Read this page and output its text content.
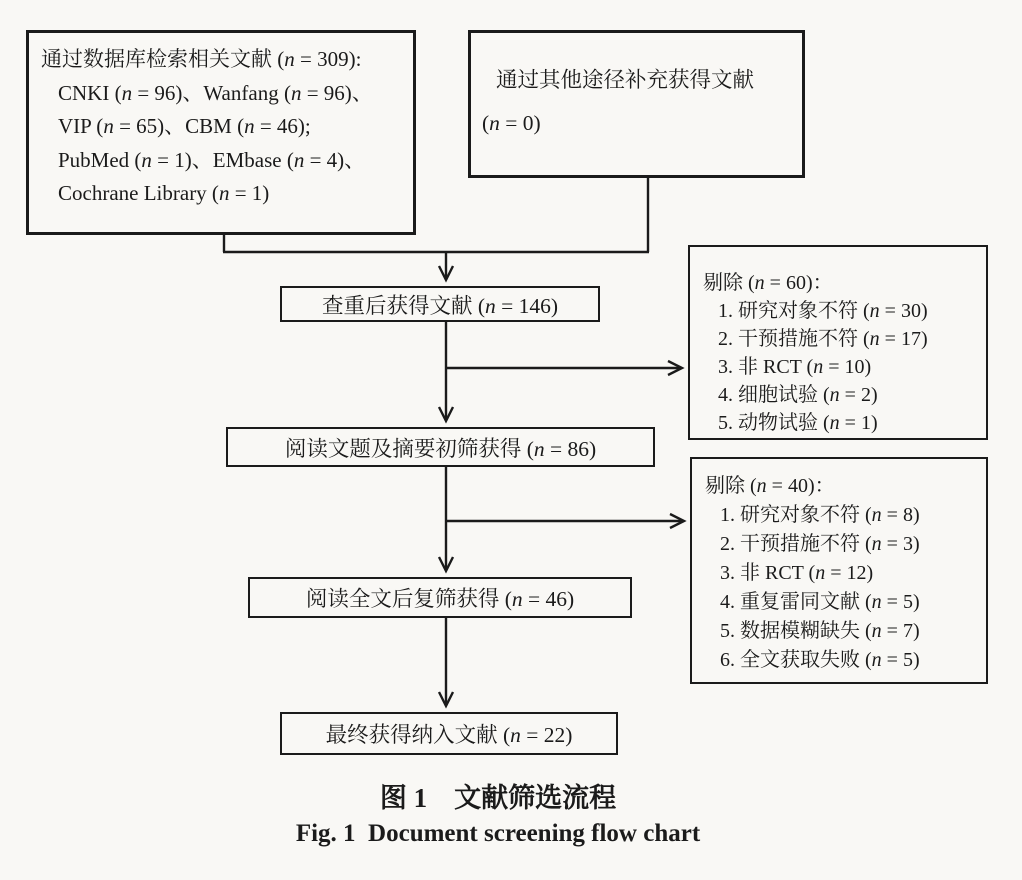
通过数据库检索相关文献 (n = 309):
CNKI (n = 96)、Wanfang (n = 96)、
VIP (n = 65)、CBM (n = 46);
PubMed (n = 1)、EMbase (n = 4)、
Cochrane Library (n = 1)
通过其他途径补充获得文献
(n = 0)
查重后获得文献 (n = 146)
剔除 (n = 60)：
1. 研究对象不符 (n = 30)
2. 干预措施不符 (n = 17)
3. 非 RCT (n = 10)
4. 细胞试验 (n = 2)
5. 动物试验 (n = 1)
阅读文题及摘要初筛获得 (n = 86)
剔除 (n = 40)：
1. 研究对象不符 (n = 8)
2. 干预措施不符 (n = 3)
3. 非 RCT (n = 12)
4. 重复雷同文献 (n = 5)
5. 数据模糊缺失 (n = 7)
6. 全文获取失败 (n = 5)
阅读全文后复筛获得 (n = 46)
最终获得纳入文献 (n = 22)
图 1　文献筛选流程
Fig. 1  Document screening flow chart
